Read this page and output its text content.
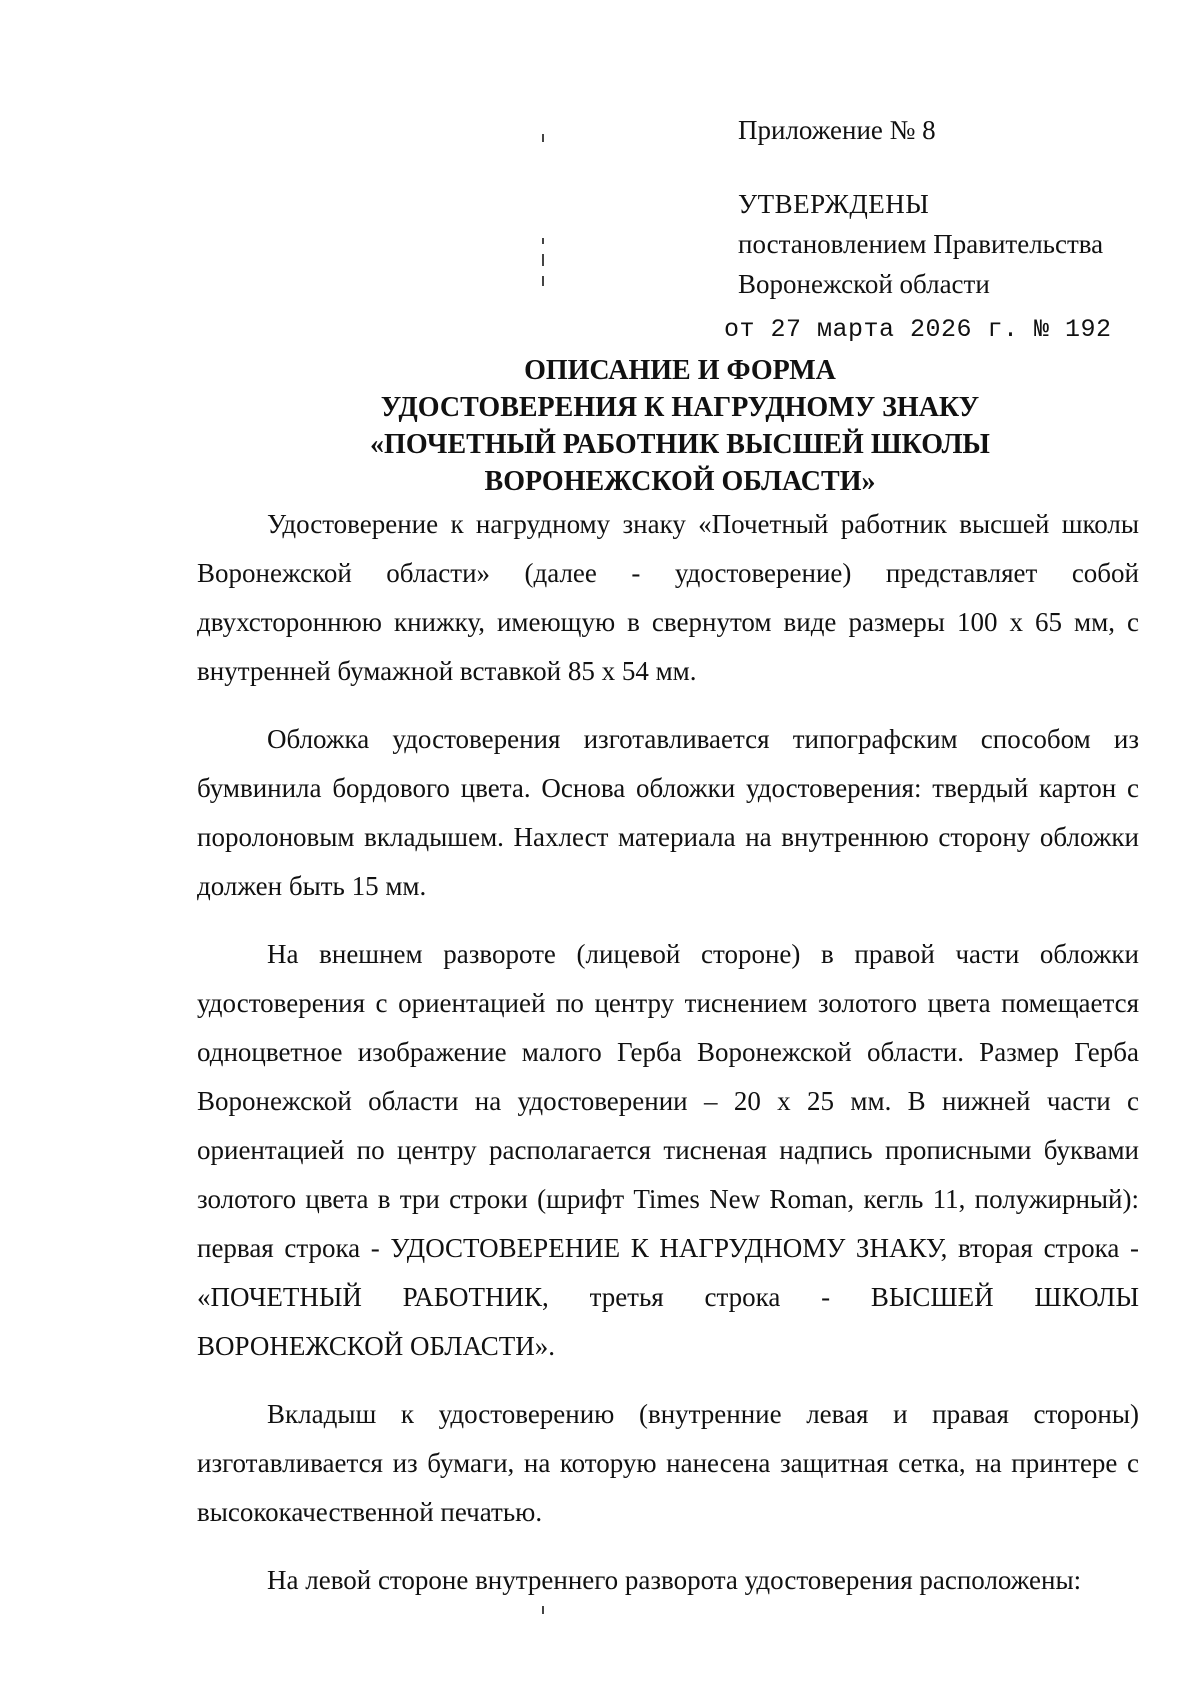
Приложение № 8
УТВЕРЖДЕНЫ
постановлением Правительства
Воронежской области
от 27 марта 2026 г. № 192
ОПИСАНИЕ И ФОРМА
УДОСТОВЕРЕНИЯ К НАГРУДНОМУ ЗНАКУ
«ПОЧЕТНЫЙ РАБОТНИК ВЫСШЕЙ ШКОЛЫ
ВОРОНЕЖСКОЙ ОБЛАСТИ»

Удостоверение к нагрудному знаку «Почетный работник высшей школы Воронежской области» (далее - удостоверение) представляет собой двухстороннюю книжку, имеющую в свернутом виде размеры 100 х 65 мм, с внутренней бумажной вставкой 85 х 54 мм.

Обложка удостоверения изготавливается типографским способом из бумвинила бордового цвета. Основа обложки удостоверения: твердый картон с поролоновым вкладышем. Нахлест материала на внутреннюю сторону обложки должен быть 15 мм.

На внешнем развороте (лицевой стороне) в правой части обложки удостоверения с ориентацией по центру тиснением золотого цвета помещается одноцветное изображение малого Герба Воронежской области. Размер Герба Воронежской области на удостоверении – 20 х 25 мм. В нижней части с ориентацией по центру располагается тисненая надпись прописными буквами золотого цвета в три строки (шрифт Times New Roman, кегль 11, полужирный): первая строка - УДОСТОВЕРЕНИЕ К НАГРУДНОМУ ЗНАКУ, вторая строка - «ПОЧЕТНЫЙ РАБОТНИК, третья строка - ВЫСШЕЙ ШКОЛЫ ВОРОНЕЖСКОЙ ОБЛАСТИ».

Вкладыш к удостоверению (внутренние левая и правая стороны) изготавливается из бумаги, на которую нанесена защитная сетка, на принтере с высококачественной печатью.

На левой стороне внутреннего разворота удостоверения расположены:
